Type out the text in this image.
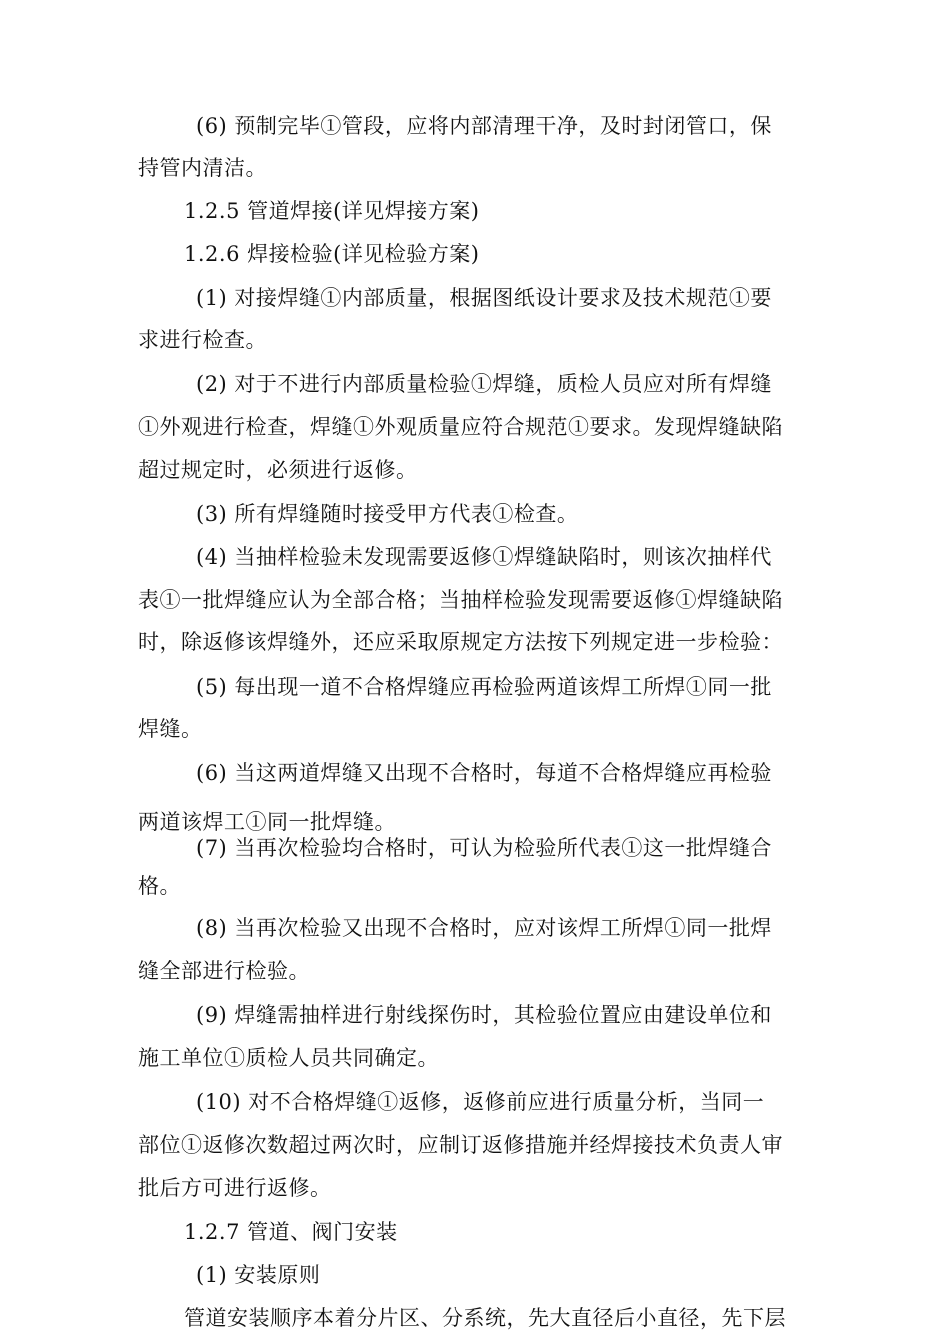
(6) 预制完毕①管段，应将内部清理干净，及时封闭管口，保
持管内清洁。
1.2.5 管道焊接(详见焊接方案)
1.2.6 焊接检验(详见检验方案)
(1) 对接焊缝①内部质量，根据图纸设计要求及技术规范①要
求进行检查。
(2) 对于不进行内部质量检验①焊缝，质检人员应对所有焊缝
①外观进行检查，焊缝①外观质量应符合规范①要求。发现焊缝缺陷
超过规定时，必须进行返修。
(3) 所有焊缝随时接受甲方代表①检查。
(4) 当抽样检验未发现需要返修①焊缝缺陷时，则该次抽样代
表①一批焊缝应认为全部合格；当抽样检验发现需要返修①焊缝缺陷
时，除返修该焊缝外，还应采取原规定方法按下列规定进一步检验：
(5) 每出现一道不合格焊缝应再检验两道该焊工所焊①同一批
焊缝。
(6) 当这两道焊缝又出现不合格时，每道不合格焊缝应再检验
两道该焊工①同一批焊缝。
(7) 当再次检验均合格时，可认为检验所代表①这一批焊缝合
格。
(8) 当再次检验又出现不合格时，应对该焊工所焊①同一批焊
缝全部进行检验。
(9) 焊缝需抽样进行射线探伤时，其检验位置应由建设单位和
施工单位①质检人员共同确定。
(10) 对不合格焊缝①返修，返修前应进行质量分析，当同一
部位①返修次数超过两次时，应制订返修措施并经焊接技术负责人审
批后方可进行返修。
1.2.7 管道、阀门安装
(1) 安装原则
管道安装顺序本着分片区、分系统，先大直径后小直径，先下层
